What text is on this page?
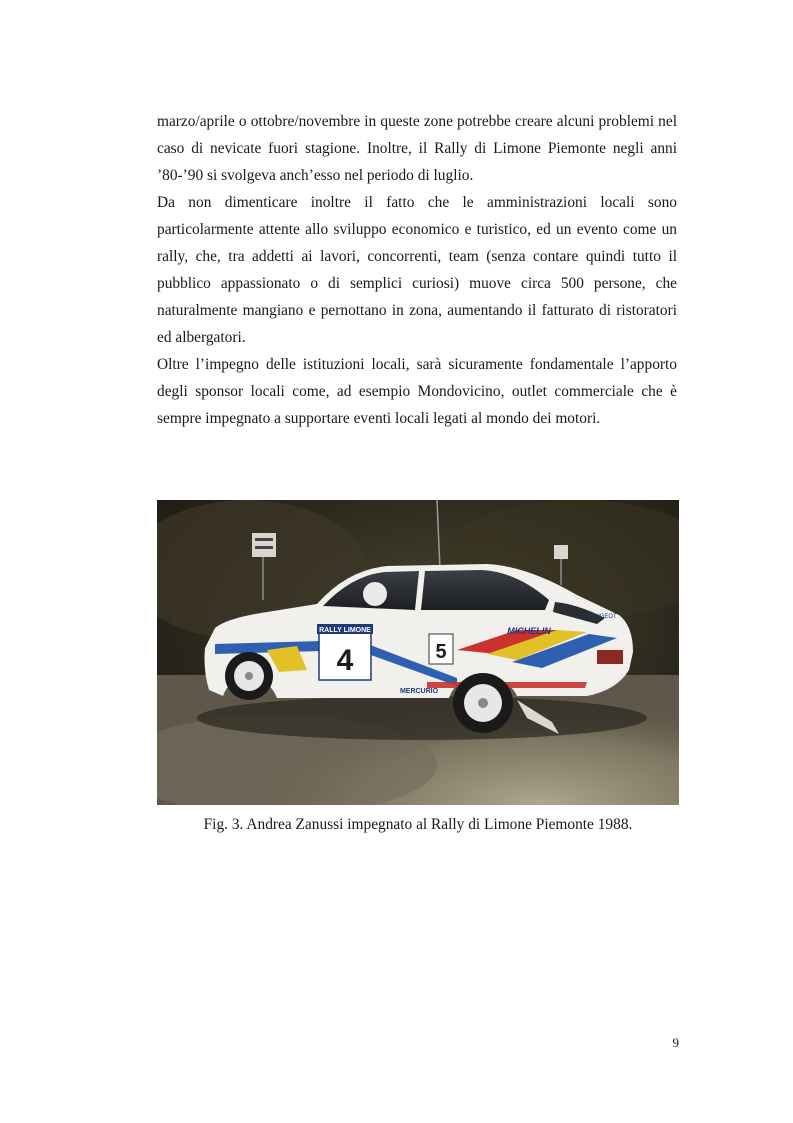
marzo/aprile o ottobre/novembre in queste zone potrebbe creare alcuni problemi nel caso di nevicate fuori stagione. Inoltre, il Rally di Limone Piemonte negli anni ’80-’90 si svolgeva anch’esso nel periodo di luglio.

Da non dimenticare inoltre il fatto che le amministrazioni locali sono particolarmente attente allo sviluppo economico e turistico, ed un evento come un rally, che, tra addetti ai lavori, concorrenti, team (senza contare quindi tutto il pubblico appassionato o di semplici curiosi) muove circa 500 persone, che naturalmente mangiano e pernottano in zona, aumentando il fatturato di ristoratori ed albergatori.

Oltre l’impegno delle istituzioni locali, sarà sicuramente fondamentale l’apporto degli sponsor locali come, ad esempio Mondovicino, outlet commerciale che è sempre impegnato a supportare eventi locali legati al mondo dei motori.

4
RALLY LIMONE
5
MICHELIN
MERCURIO
PEUGEOT
Fig. 3. Andrea Zanussi impegnato al Rally di Limone Piemonte 1988.
9
